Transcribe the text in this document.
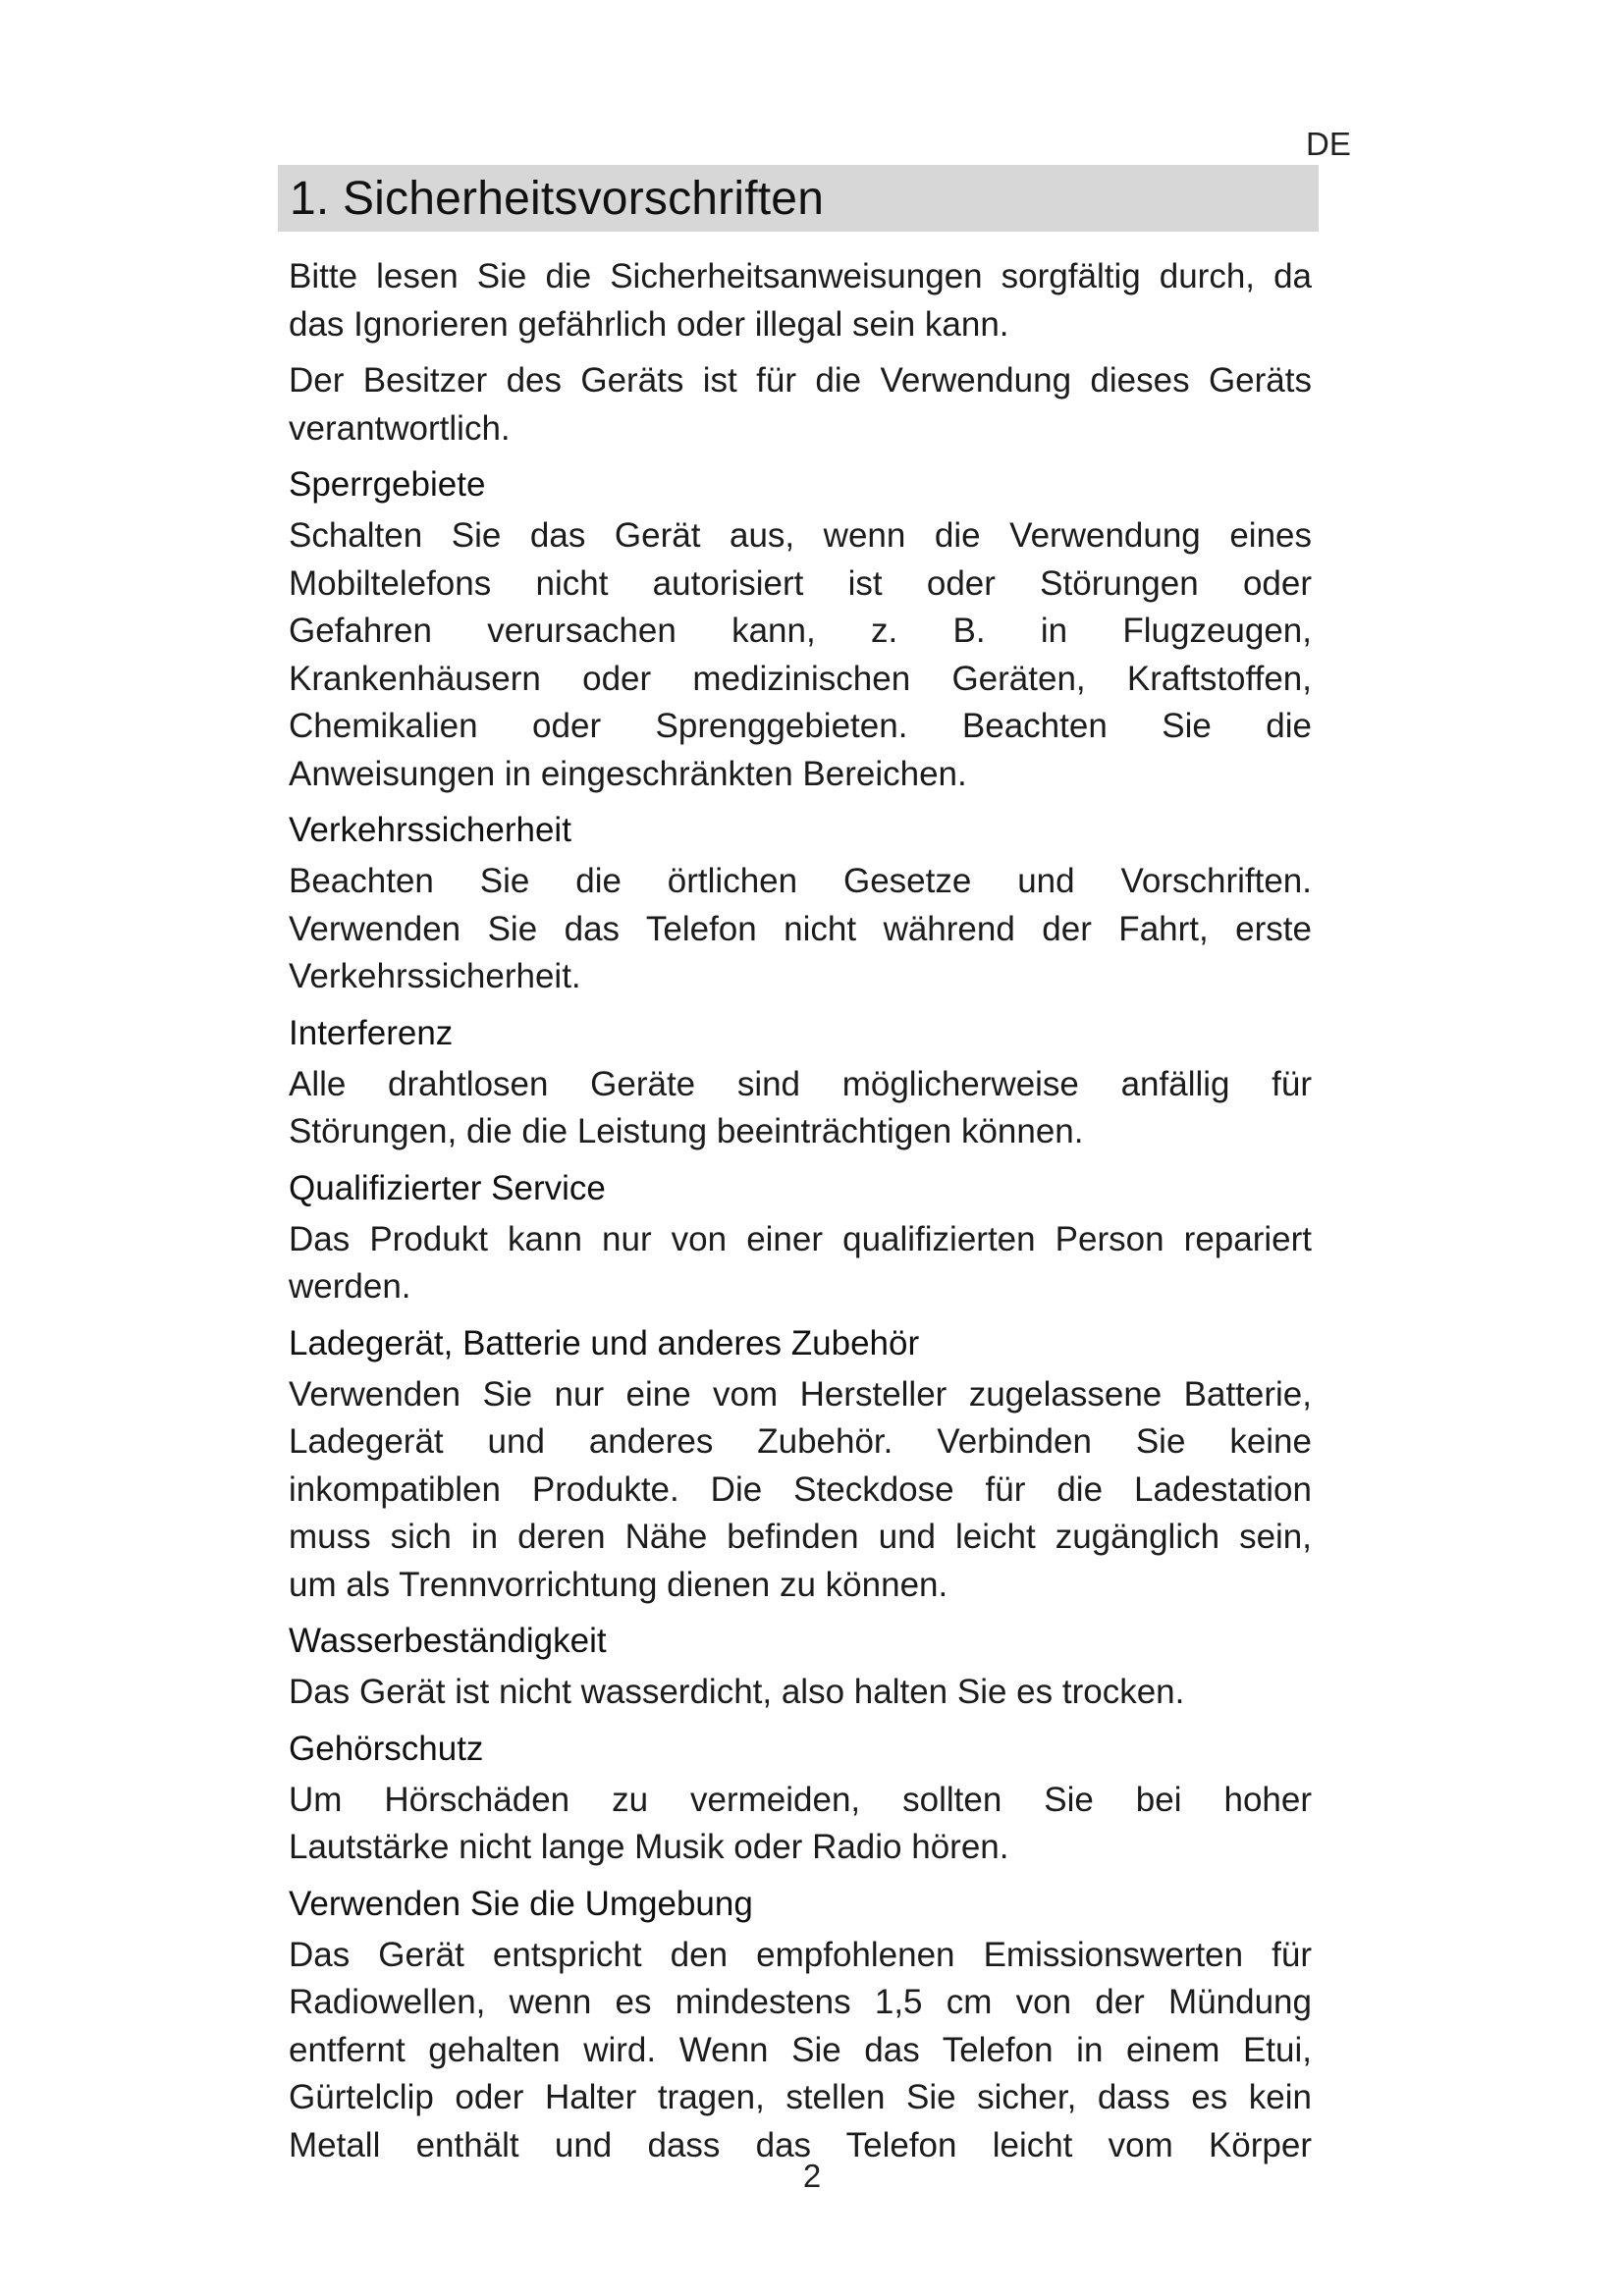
DE
1. Sicherheitsvorschriften
Bitte lesen Sie die Sicherheitsanweisungen sorgfältig durch, da
das Ignorieren gefährlich oder illegal sein kann.
Der Besitzer des Geräts ist für die Verwendung dieses Geräts
verantwortlich.
Sperrgebiete
Schalten Sie das Gerät aus, wenn die Verwendung eines
Mobiltelefons nicht autorisiert ist oder Störungen oder
Gefahren verursachen kann, z. B. in Flugzeugen,
Krankenhäusern oder medizinischen Geräten, Kraftstoffen,
Chemikalien oder Sprenggebieten. Beachten Sie die
Anweisungen in eingeschränkten Bereichen.
Verkehrssicherheit
Beachten Sie die örtlichen Gesetze und Vorschriften.
Verwenden Sie das Telefon nicht während der Fahrt, erste
Verkehrssicherheit.
Interferenz
Alle drahtlosen Geräte sind möglicherweise anfällig für
Störungen, die die Leistung beeinträchtigen können.
Qualifizierter Service
Das Produkt kann nur von einer qualifizierten Person repariert
werden.
Ladegerät, Batterie und anderes Zubehör
Verwenden Sie nur eine vom Hersteller zugelassene Batterie,
Ladegerät und anderes Zubehör. Verbinden Sie keine
inkompatiblen Produkte. Die Steckdose für die Ladestation
muss sich in deren Nähe befinden und leicht zugänglich sein,
um als Trennvorrichtung dienen zu können.
Wasserbeständigkeit
Das Gerät ist nicht wasserdicht, also halten Sie es trocken.
Gehörschutz
Um Hörschäden zu vermeiden, sollten Sie bei hoher
Lautstärke nicht lange Musik oder Radio hören.
Verwenden Sie die Umgebung
Das Gerät entspricht den empfohlenen Emissionswerten für
Radiowellen, wenn es mindestens 1,5 cm von der Mündung
entfernt gehalten wird. Wenn Sie das Telefon in einem Etui,
Gürtelclip oder Halter tragen, stellen Sie sicher, dass es kein
Metall enthält und dass das Telefon leicht vom Körper
2
